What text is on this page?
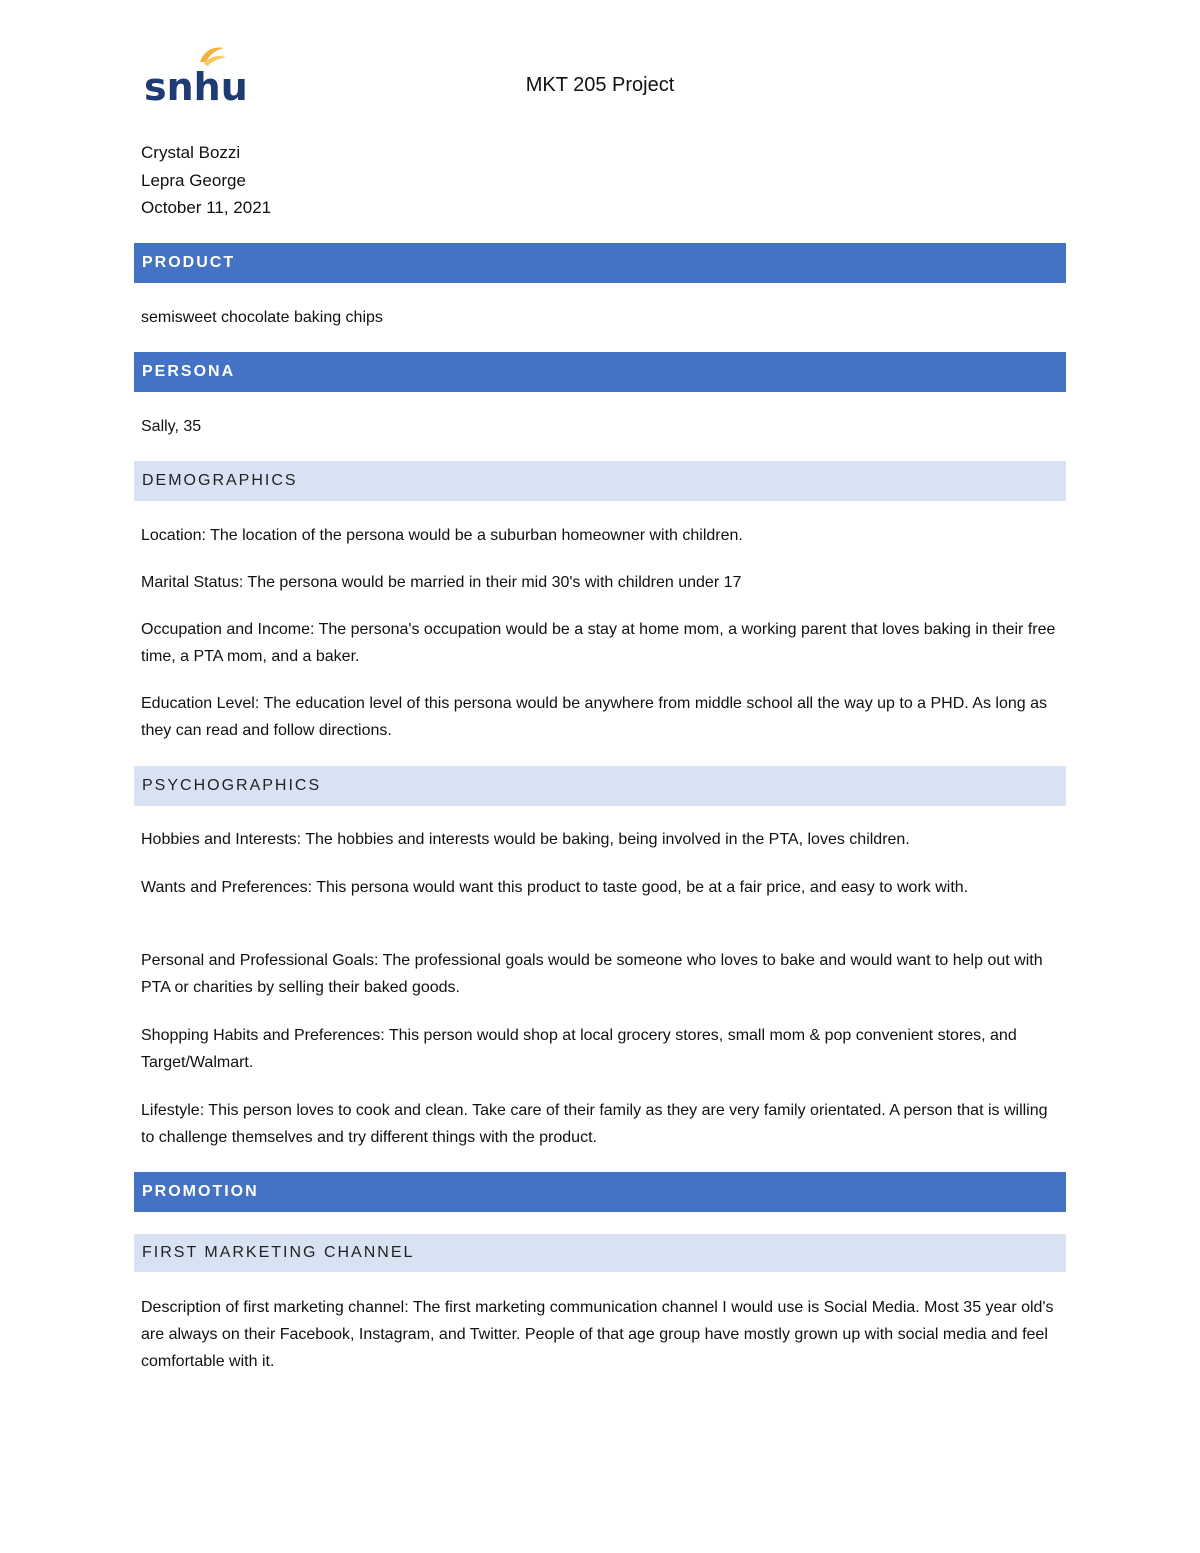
snhu	MKT 205 Project
Crystal Bozzi
Lepra George
October 11, 2021
PRODUCT
semisweet chocolate baking chips
PERSONA
Sally, 35
DEMOGRAPHICS
Location: The location of the persona would be a suburban homeowner with children.
Marital Status: The persona would be married in their mid 30's with children under 17
Occupation and Income: The persona's occupation would be a stay at home mom, a working parent that loves baking in their free time, a PTA mom, and a baker.
Education Level: The education level of this persona would be anywhere from middle school all the way up to a PHD. As long as they can read and follow directions.
PSYCHOGRAPHICS
Hobbies and Interests: The hobbies and interests would be baking, being involved in the PTA, loves children.
Wants and Preferences: This persona would want this product to taste good, be at a fair price, and easy to work with.
Personal and Professional Goals: The professional goals would be someone who loves to bake and would want to help out with PTA or charities by selling their baked goods.
Shopping Habits and Preferences: This person would shop at local grocery stores, small mom & pop convenient stores, and Target/Walmart.
Lifestyle: This person loves to cook and clean. Take care of their family as they are very family orientated. A person that is willing to challenge themselves and try different things with the product.
PROMOTION
FIRST MARKETING CHANNEL
Description of first marketing channel: The first marketing communication channel I would use is Social Media. Most 35 year old's are always on their Facebook, Instagram, and Twitter. People of that age group have mostly grown up with social media and feel comfortable with it.
